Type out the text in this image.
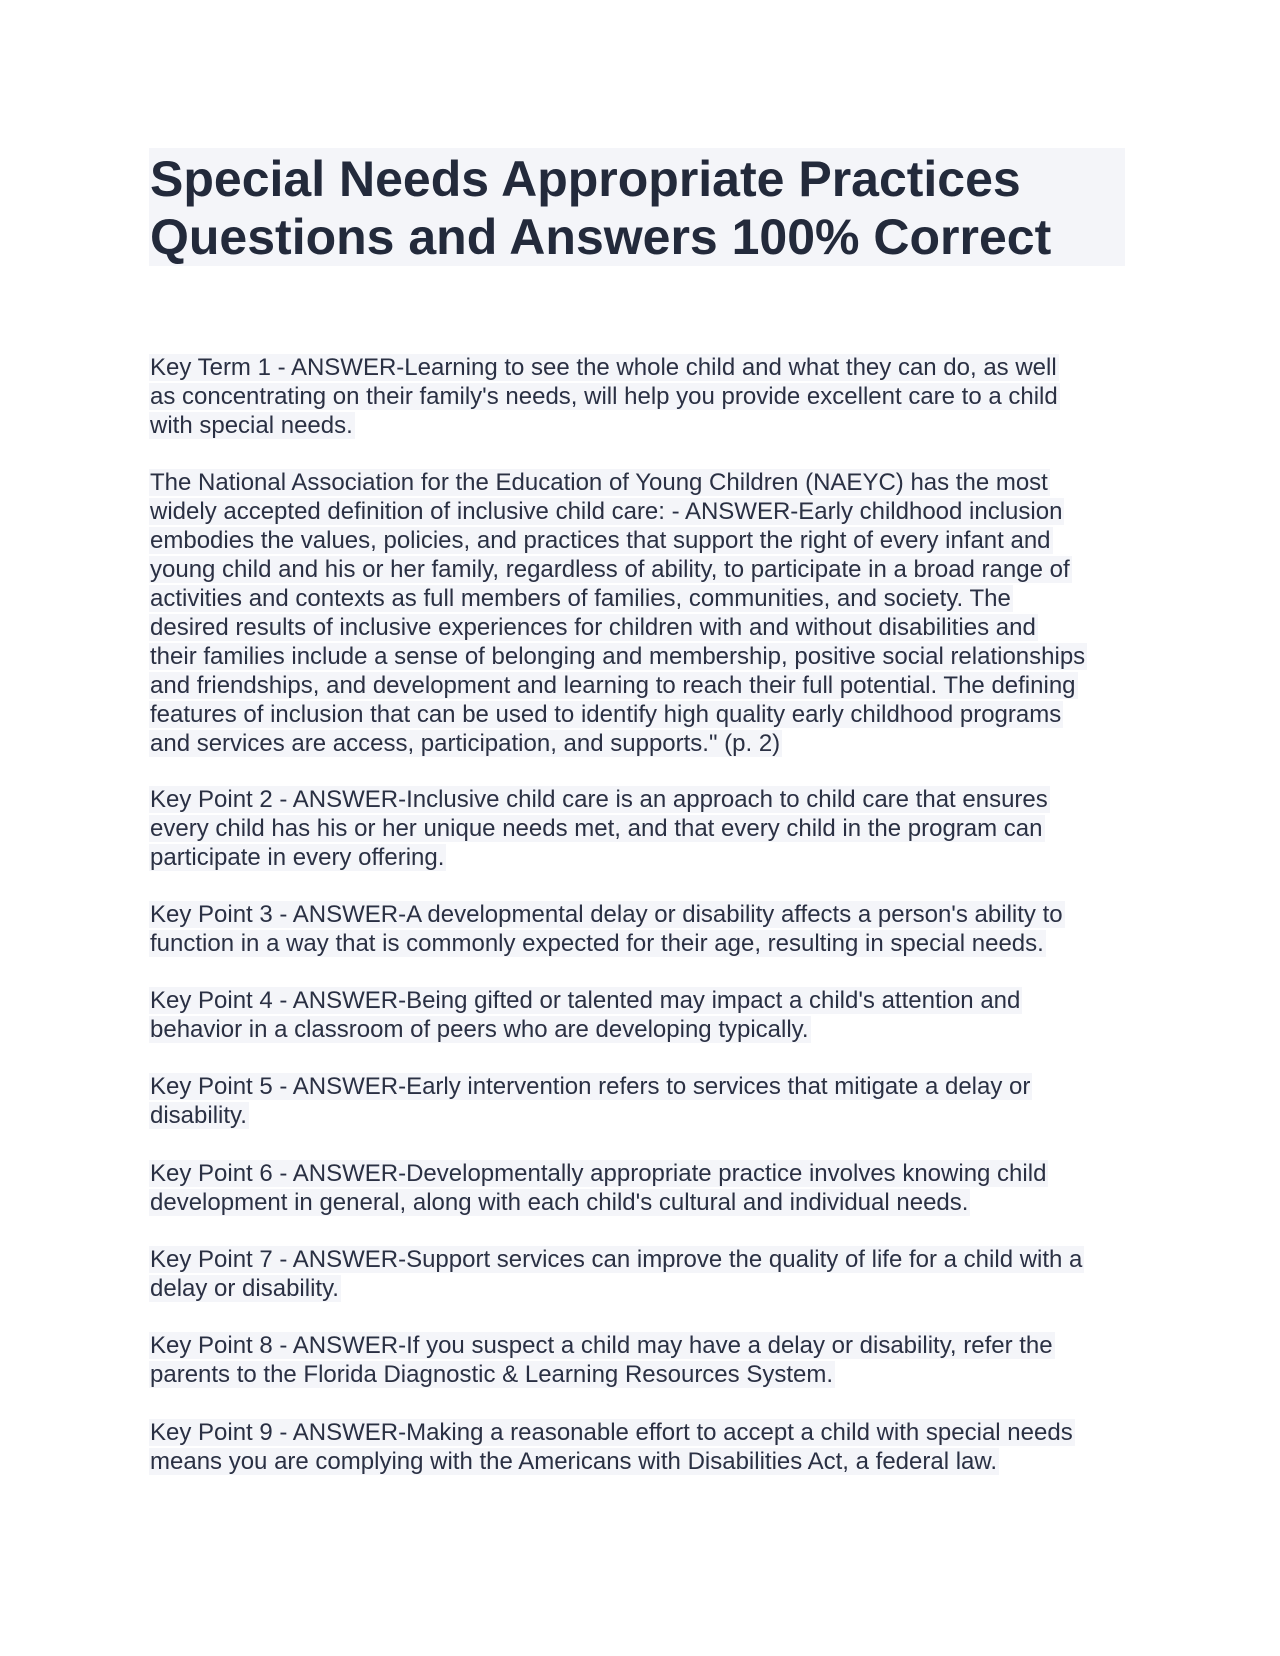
Special Needs Appropriate Practices
Questions and Answers 100% Correct
Key Term 1 - ANSWER-Learning to see the whole child and what they can do, as well
as concentrating on their family's needs, will help you provide excellent care to a child
with special needs.
The National Association for the Education of Young Children (NAEYC) has the most
widely accepted definition of inclusive child care: - ANSWER-Early childhood inclusion
embodies the values, policies, and practices that support the right of every infant and
young child and his or her family, regardless of ability, to participate in a broad range of
activities and contexts as full members of families, communities, and society. The
desired results of inclusive experiences for children with and without disabilities and
their families include a sense of belonging and membership, positive social relationships
and friendships, and development and learning to reach their full potential. The defining
features of inclusion that can be used to identify high quality early childhood programs
and services are access, participation, and supports." (p. 2)
Key Point 2 - ANSWER-Inclusive child care is an approach to child care that ensures
every child has his or her unique needs met, and that every child in the program can
participate in every offering.
Key Point 3 - ANSWER-A developmental delay or disability affects a person's ability to
function in a way that is commonly expected for their age, resulting in special needs.
Key Point 4 - ANSWER-Being gifted or talented may impact a child's attention and
behavior in a classroom of peers who are developing typically.
Key Point 5 - ANSWER-Early intervention refers to services that mitigate a delay or
disability.
Key Point 6 - ANSWER-Developmentally appropriate practice involves knowing child
development in general, along with each child's cultural and individual needs.
Key Point 7 - ANSWER-Support services can improve the quality of life for a child with a
delay or disability.
Key Point 8 - ANSWER-If you suspect a child may have a delay or disability, refer the
parents to the Florida Diagnostic & Learning Resources System.
Key Point 9 - ANSWER-Making a reasonable effort to accept a child with special needs
means you are complying with the Americans with Disabilities Act, a federal law.
